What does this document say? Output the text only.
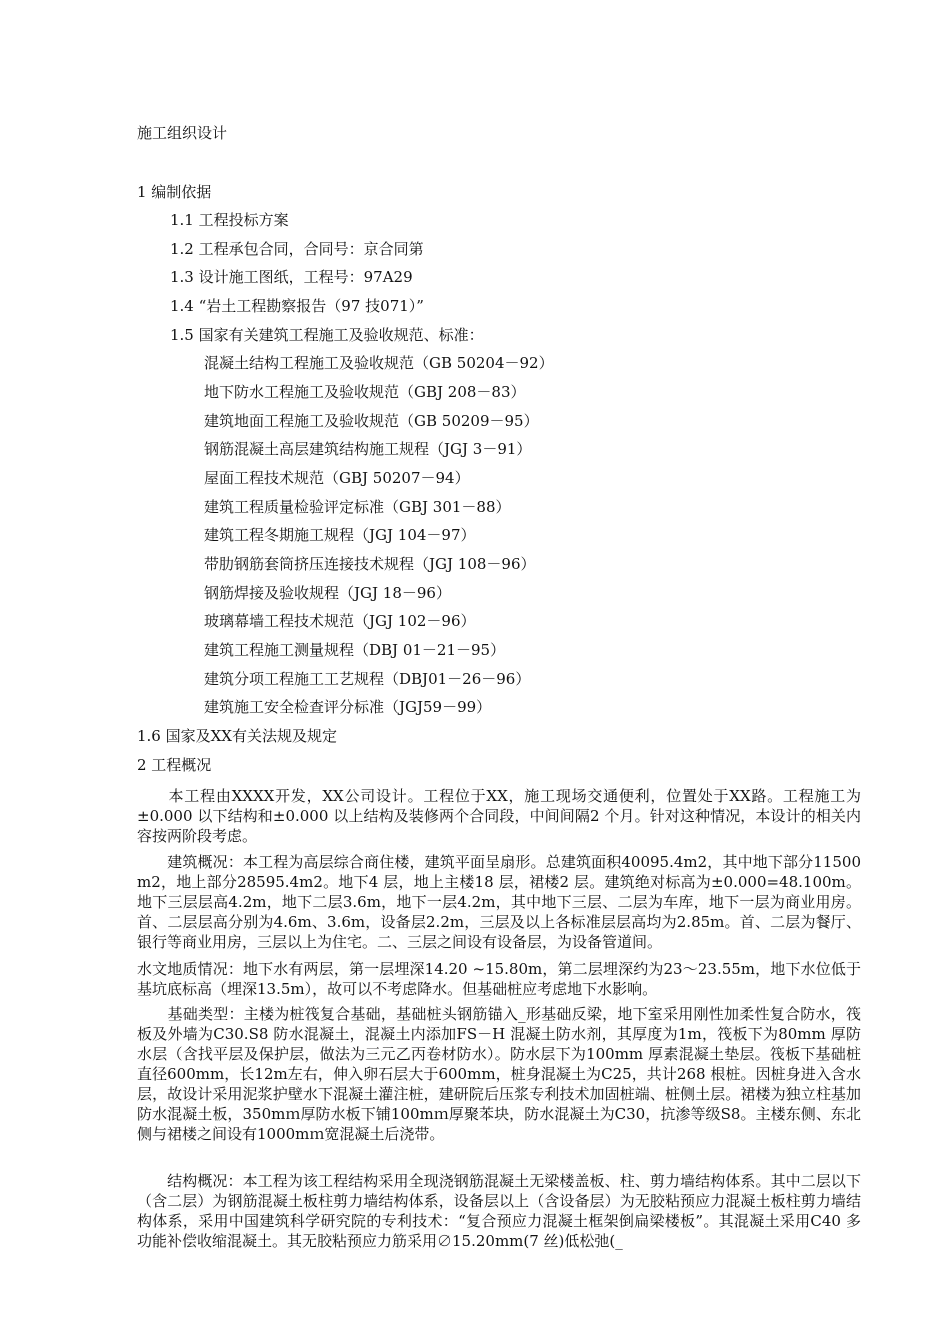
施工组织设计
1 编制依据
1.1 工程投标方案
1.2 工程承包合同，合同号：京合同第
1.3 设计施工图纸，工程号：97A29
1.4 “岩土工程勘察报告（97 技071）”
1.5 国家有关建筑工程施工及验收规范、标准：
混凝土结构工程施工及验收规范（GB 50204－92）
地下防水工程施工及验收规范（GBJ 208－83）
建筑地面工程施工及验收规范（GB 50209－95）
钢筋混凝土高层建筑结构施工规程（JGJ 3－91）
屋面工程技术规范（GBJ 50207－94）
建筑工程质量检验评定标准（GBJ 301－88）
建筑工程冬期施工规程（JGJ 104－97）
带肋钢筋套筒挤压连接技术规程（JGJ 108－96）
钢筋焊接及验收规程（JGJ 18－96）
玻璃幕墙工程技术规范（JGJ 102－96）
建筑工程施工测量规程（DBJ 01－21－95）
建筑分项工程施工工艺规程（DBJ01－26－96）
建筑施工安全检查评分标准（JGJ59－99）
1.6 国家及XX有关法规及规定
2 工程概况
　　本工程由XXXX开发，XX公司设计。工程位于XX，施工现场交通便利，位置处于XX路。工程施工为±0.000 以下结构和±0.000 以上结构及装修两个合同段，中间间隔2 个月。针对这种情况，本设计的相关内容按两阶段考虑。
　　建筑概况：本工程为高层综合商住楼，建筑平面呈扇形。总建筑面积40095.4m2，其中地下部分11500 m2，地上部分28595.4m2。地下4 层，地上主楼18 层，裙楼2 层。建筑绝对标高为±0.000=48.100m。地下三层层高4.2m，地下二层3.6m，地下一层4.2m，其中地下三层、二层为车库，地下一层为商业用房。首、二层层高分别为4.6m、3.6m，设备层2.2m，三层及以上各标准层层高均为2.85m。首、二层为餐厅、银行等商业用房，三层以上为住宅。二、三层之间设有设备层，为设备管道间。
水文地质情况：地下水有两层，第一层埋深14.20 ~15.80m，第二层埋深约为23～23.55m，地下水位低于基坑底标高（埋深13.5m），故可以不考虑降水。但基础桩应考虑地下水影响。
　　基础类型：主楼为桩筏复合基础，基础桩头钢筋锚入_形基础反梁，地下室采用刚性加柔性复合防水，筏板及外墙为C30.S8 防水混凝土，混凝土内添加FS－H 混凝土防水剂，其厚度为1m，筏板下为80mm 厚防水层（含找平层及保护层，做法为三元乙丙卷材防水）。防水层下为100mm 厚素混凝土垫层。筏板下基础桩直径600mm，长12m左右，伸入卵石层大于600mm，桩身混凝土为C25，共计268 根桩。因桩身进入含水层，故设计采用泥浆护壁水下混凝土灌注桩，建研院后压浆专利技术加固桩端、桩侧土层。裙楼为独立柱基加防水混凝土板，350mｍ厚防水板下铺100mｍ厚聚苯块，防水混凝土为C30，抗渗等级S8。主楼东侧、东北侧与裙楼之间设有1000mｍ宽混凝土后浇带。
　　结构概况：本工程为该工程结构采用全现浇钢筋混凝土无梁楼盖板、柱、剪力墙结构体系。其中二层以下（含二层）为钢筋混凝土板柱剪力墙结构体系，设备层以上（含设备层）为无胶粘预应力混凝土板柱剪力墙结构体系，采用中国建筑科学研究院的专利技术：“复合预应力混凝土框架倒扁梁楼板”。其混凝土采用C40 多功能补偿收缩混凝土。其无胶粘预应力筋采用∅15.20mm(7 丝)低松弛(_
